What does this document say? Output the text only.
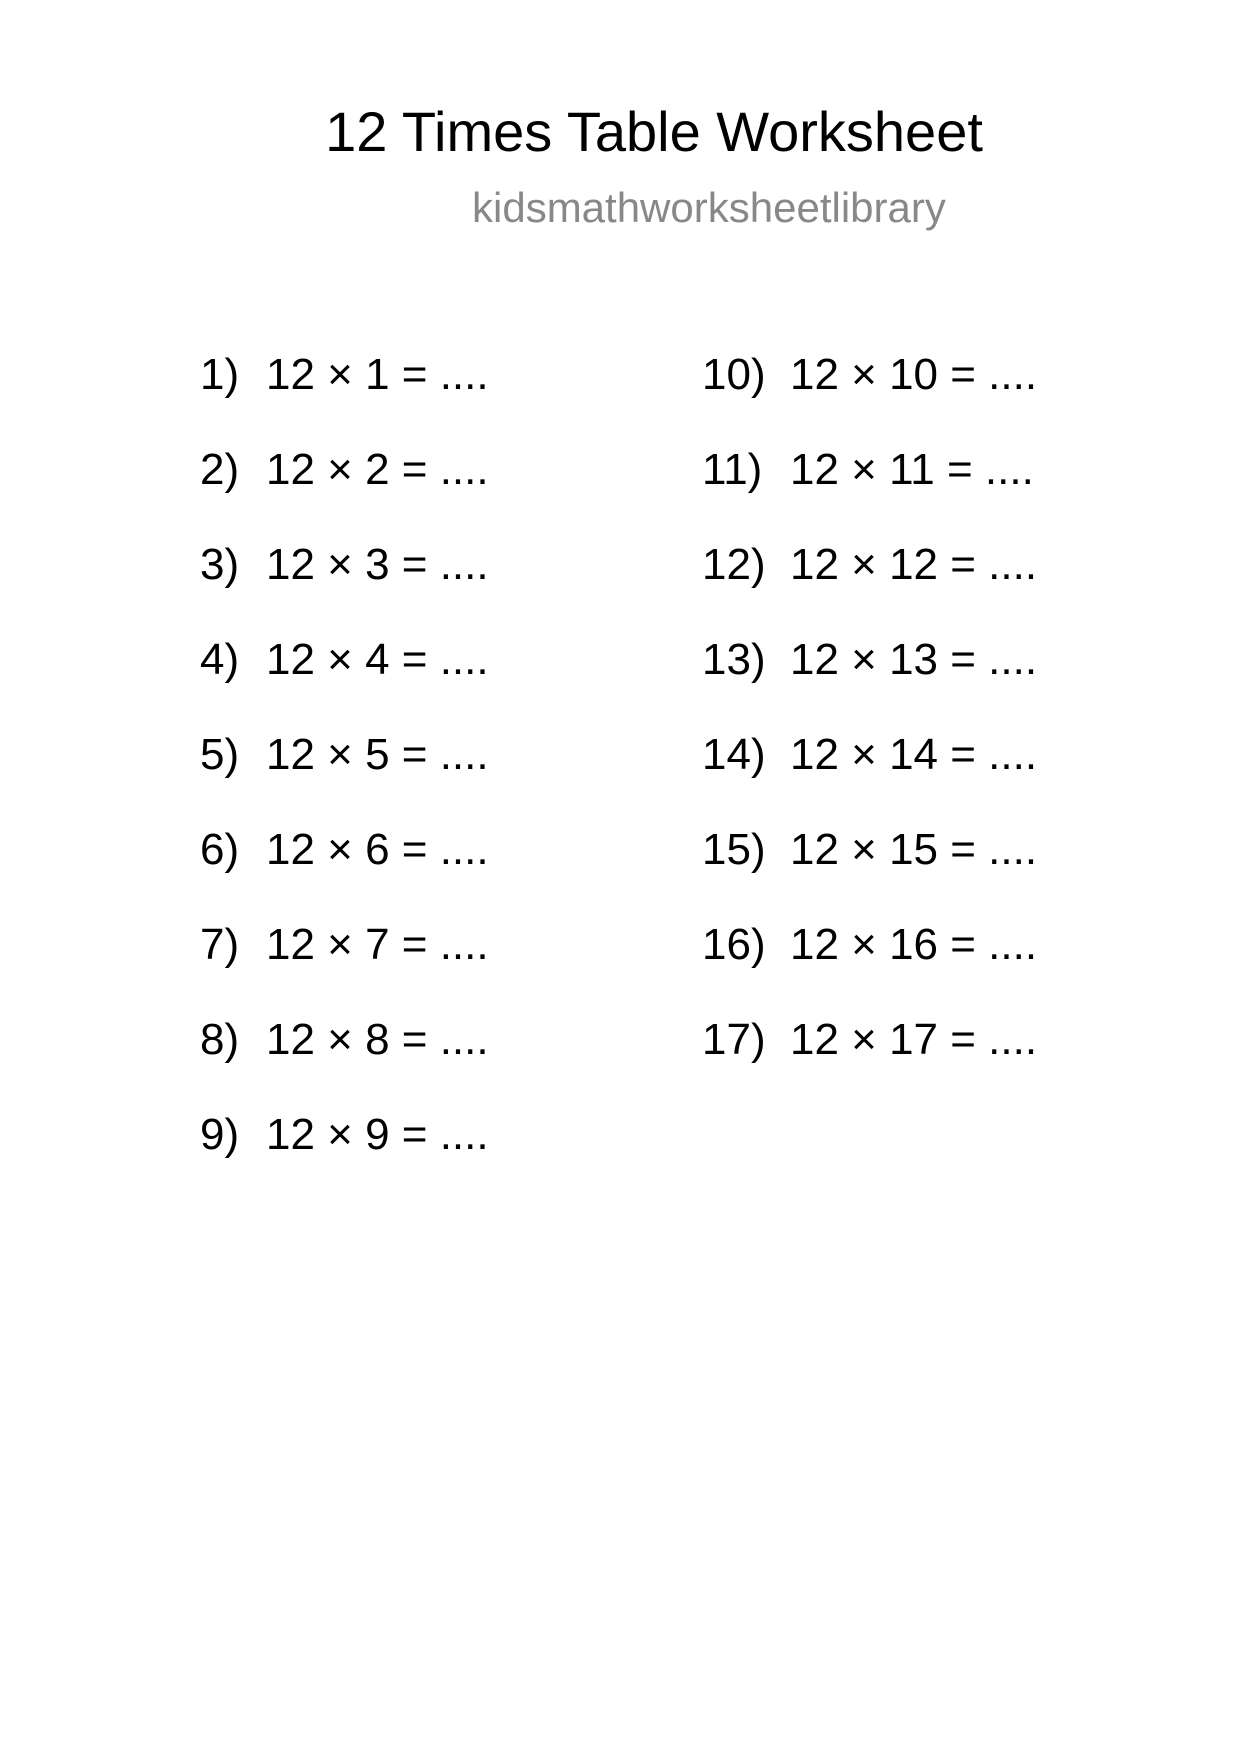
12 Times Table Worksheet
kidsmathworksheetlibrary
1) 12 × 1 = ....
2) 12 × 2 = ....
3) 12 × 3 = ....
4) 12 × 4 = ....
5) 12 × 5 = ....
6) 12 × 6 = ....
7) 12 × 7 = ....
8) 12 × 8 = ....
9) 12 × 9 = ....
10) 12 × 10 = ....
11) 12 × 11 = ....
12) 12 × 12 = ....
13) 12 × 13 = ....
14) 12 × 14 = ....
15) 12 × 15 = ....
16) 12 × 16 = ....
17) 12 × 17 = ....
